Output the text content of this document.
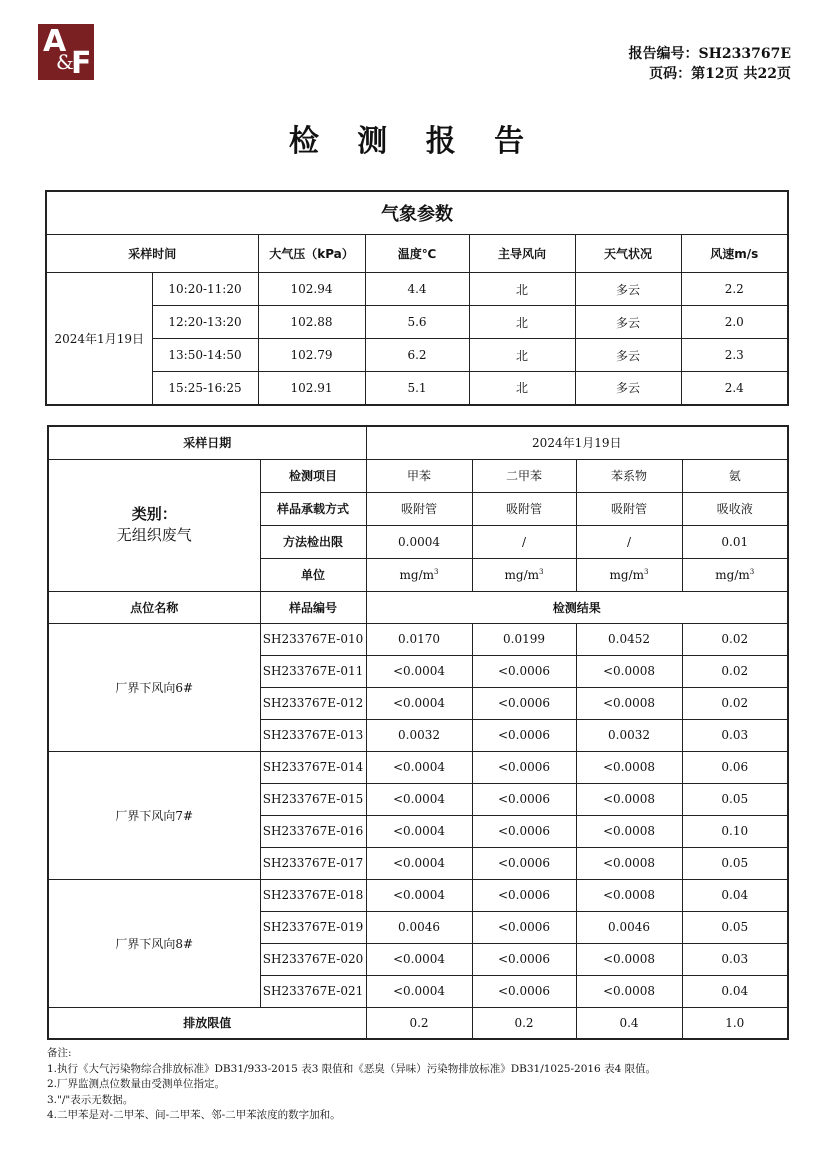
A
&
F	报告编号：SH233767E
页码：第12页 共22页
检 测 报 告
气象参数						
采样时间		大气压（kPa）	温度℃	主导风向	天气状况	风速m/s
2024年1月19日	10:20-11:20	102.94	4.4	北	多云	2.2
	12:20-13:20	102.88	5.6	北	多云	2.0
	13:50-14:50	102.79	6.2	北	多云	2.3
	15:25-16:25	102.91	5.1	北	多云	2.4
采样日期		2024年1月19日			

类别：
无组织废气	检测项目	甲苯	二甲苯	苯系物	氨
	样品承载方式	吸附管	吸附管	吸附管	吸收液
	方法检出限	0.0004	/	/	0.01
	单位	$mg/m^3$	$mg/m^3$	$mg/m^3$	$mg/m^3$
点位名称	样品编号	检测结果			
厂界下风向6#	SH233767E-010	0.0170	0.0199	0.0452	0.02
	SH233767E-011	<0.0004	<0.0006	<0.0008	0.02
	SH233767E-012	<0.0004	<0.0006	<0.0008	0.02
	SH233767E-013	0.0032	<0.0006	0.0032	0.03
厂界下风向7#	SH233767E-014	<0.0004	<0.0006	<0.0008	0.06
	SH233767E-015	<0.0004	<0.0006	<0.0008	0.05
	SH233767E-016	<0.0004	<0.0006	<0.0008	0.10
	SH233767E-017	<0.0004	<0.0006	<0.0008	0.05
厂界下风向8#	SH233767E-018	<0.0004	<0.0006	<0.0008	0.04
	SH233767E-019	0.0046	<0.0006	0.0046	0.05
	SH233767E-020	<0.0004	<0.0006	<0.0008	0.03
	SH233767E-021	<0.0004	<0.0006	<0.0008	0.04
排放限值		0.2	0.2	0.4	1.0
备注:
1.执行《大气污染物综合排放标准》DB31/933-2015 表3 限值和《恶臭（异味）污染物排放标准》DB31/1025-2016 表4 限值。
2.厂界监测点位数量由受测单位指定。
3."/"表示无数据。
4.二甲苯是对-二甲苯、间-二甲苯、邻-二甲苯浓度的数字加和。
